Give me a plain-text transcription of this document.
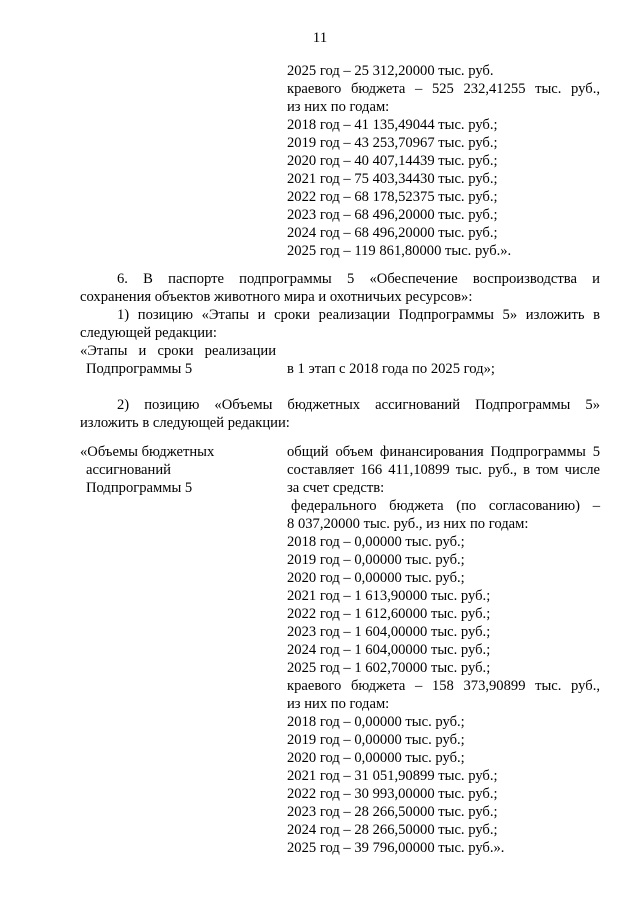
11
2025 год – 25 312,20000 тыс. руб.
краевого бюджета – 525 232,41255 тыс. руб.,
из них по годам:
2018 год – 41 135,49044 тыс. руб.;
2019 год – 43 253,70967 тыс. руб.;
2020 год – 40 407,14439 тыс. руб.;
2021 год – 75 403,34430 тыс. руб.;
2022 год – 68 178,52375 тыс. руб.;
2023 год – 68 496,20000 тыс. руб.;
2024 год – 68 496,20000 тыс. руб.;
2025 год – 119 861,80000 тыс. руб.».
6. В паспорте подпрограммы 5 «Обеспечение воспроизводства и
сохранения объектов животного мира и охотничьих ресурсов»:
1) позицию «Этапы и сроки реализации Подпрограммы 5» изложить в
следующей редакции:
«Этапы и сроки реализации
Подпрограммы 5	в 1 этап с 2018 года по 2025 год»;
2) позицию «Объемы бюджетных ассигнований Подпрограммы 5»
изложить в следующей редакции:
«Объемы бюджетных
ассигнований
Подпрограммы 5
общий объем финансирования Подпрограммы 5
составляет 166 411,10899 тыс. руб., в том числе
за счет средств:
федерального бюджета (по согласованию) –
8 037,20000 тыс. руб., из них по годам:
2018 год – 0,00000 тыс. руб.;
2019 год – 0,00000 тыс. руб.;
2020 год – 0,00000 тыс. руб.;
2021 год – 1 613,90000 тыс. руб.;
2022 год – 1 612,60000 тыс. руб.;
2023 год – 1 604,00000 тыс. руб.;
2024 год – 1 604,00000 тыс. руб.;
2025 год – 1 602,70000 тыс. руб.;
краевого бюджета – 158 373,90899 тыс. руб.,
из них по годам:
2018 год – 0,00000 тыс. руб.;
2019 год – 0,00000 тыс. руб.;
2020 год – 0,00000 тыс. руб.;
2021 год – 31 051,90899 тыс. руб.;
2022 год – 30 993,00000 тыс. руб.;
2023 год – 28 266,50000 тыс. руб.;
2024 год – 28 266,50000 тыс. руб.;
2025 год – 39 796,00000 тыс. руб.».
